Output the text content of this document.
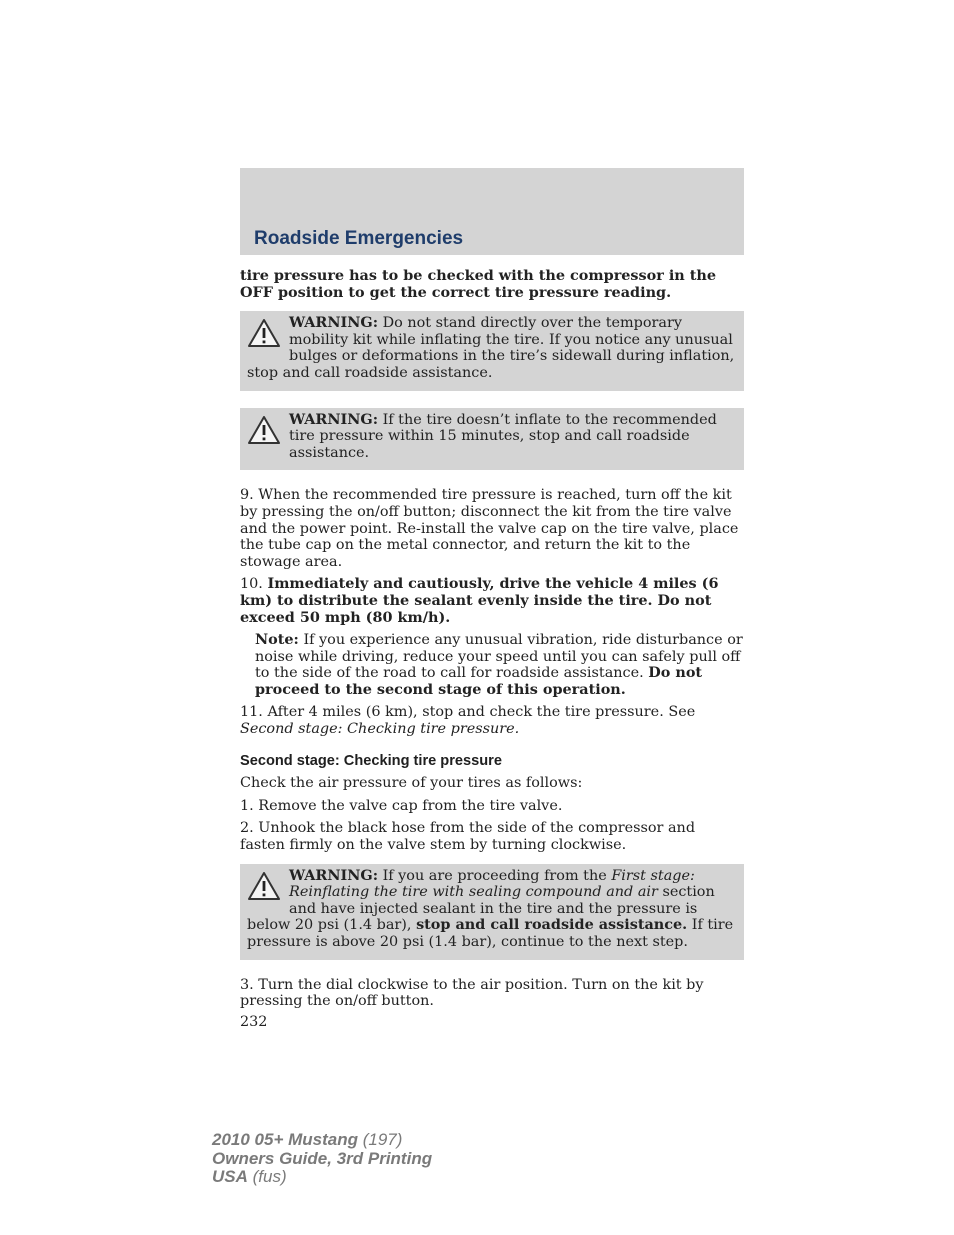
Roadside Emergencies

tire pressure has to be checked with the compressor in the OFF position to get the correct tire pressure reading.

WARNING: Do not stand directly over the temporary mobility kit while inflating the tire. If you notice any unusual bulges or deformations in the tire’s sidewall during inflation, stop and call roadside assistance.
WARNING: If the tire doesn’t inflate to the recommended tire pressure within 15 minutes, stop and call roadside assistance.

9. When the recommended tire pressure is reached, turn off the kit by pressing the on/off button; disconnect the kit from the tire valve and the power point. Re-install the valve cap on the tire valve, place the tube cap on the metal connector, and return the kit to the stowage area.

10. Immediately and cautiously, drive the vehicle 4 miles (6 km) to distribute the sealant evenly inside the tire. Do not exceed 50 mph (80 km/h).

Note: If you experience any unusual vibration, ride disturbance or noise while driving, reduce your speed until you can safely pull off to the side of the road to call for roadside assistance. Do not proceed to the second stage of this operation.

11. After 4 miles (6 km), stop and check the tire pressure. See Second stage: Checking tire pressure.

Second stage: Checking tire pressure

Check the air pressure of your tires as follows:

1. Remove the valve cap from the tire valve.

2. Unhook the black hose from the side of the compressor and fasten firmly on the valve stem by turning clockwise.

WARNING: If you are proceeding from the First stage: Reinflating the tire with sealing compound and air section and have injected sealant in the tire and the pressure is below 20 psi (1.4 bar), stop and call roadside assistance. If tire pressure is above 20 psi (1.4 bar), continue to the next step.

3. Turn the dial clockwise to the air position. Turn on the kit by pressing the on/off button.

232
2010 05+ Mustang (197)
Owners Guide, 3rd Printing
USA (fus)
